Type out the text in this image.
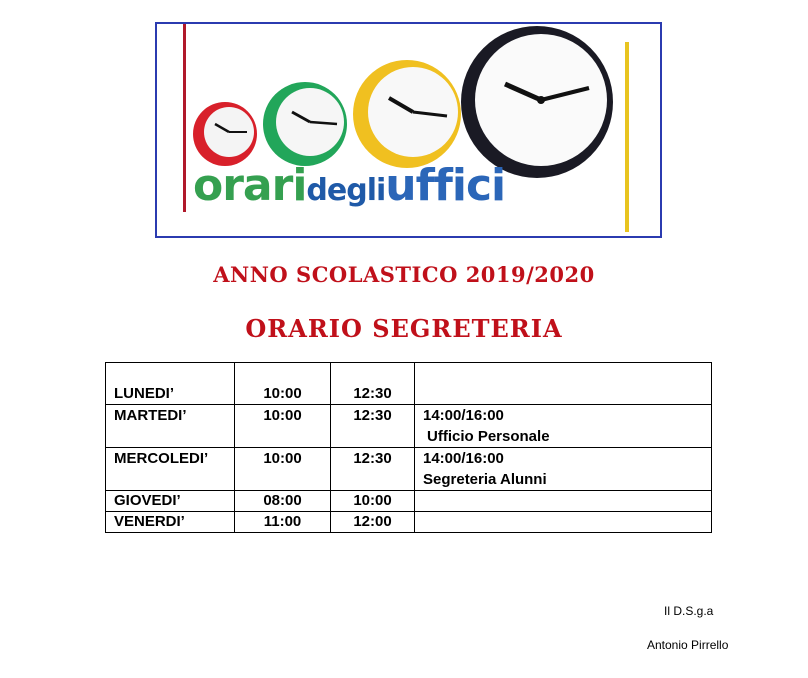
oraridegliuffici
ANNO SCOLASTICO 2019/2020
ORARIO SEGRETERIA
LUNEDI’	10:00	12:30	
MARTEDI’	10:00	12:30	14:00/16:00
Ufficio Personale

MERCOLEDI’	10:00	12:30	14:00/16:00
Segreteria Alunni

GIOVEDI’	08:00	10:00	
VENERDI’	11:00	12:00	
Il D.S.g.a
Antonio Pirrello
